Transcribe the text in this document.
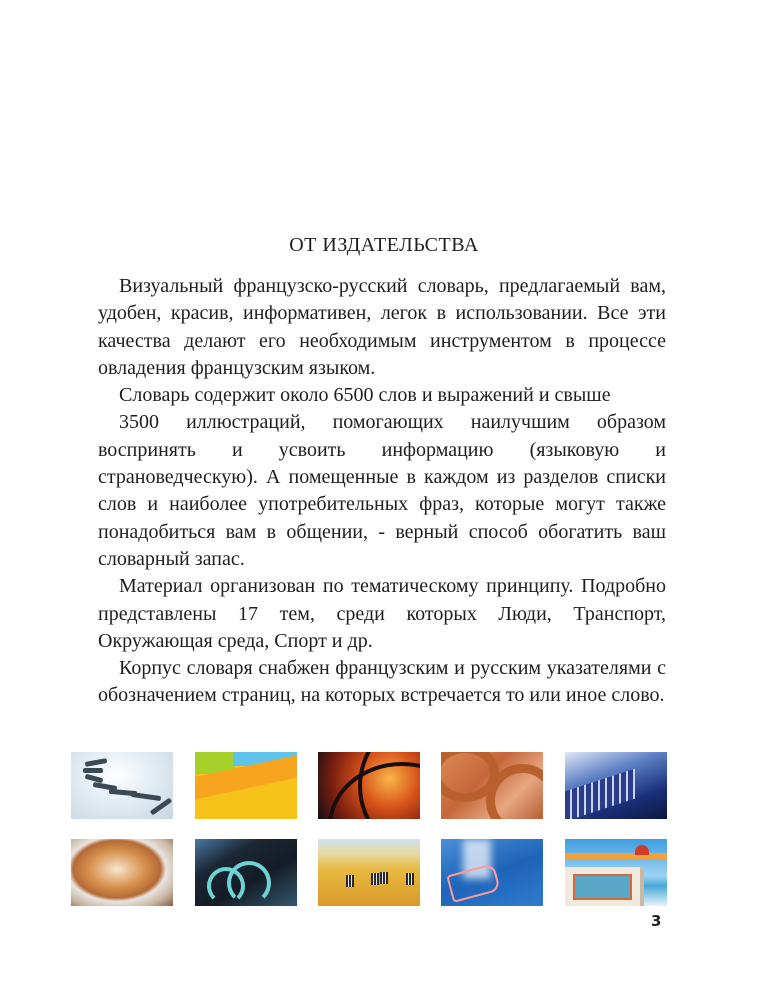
ОТ ИЗДАТЕЛЬСТВА

Визуальный французско-русский словарь, предлагаемый вам, удобен, красив, информативен, легок в использовании. Все эти качества делают его необходимым инструментом в процессе овладения французским языком.

Словарь содержит около 6500 слов и выражений и свыше

3500 иллюстраций, помогающих наилучшим образом воспринять и усвоить информацию (языковую и страноведческую). А помещенные в каждом из разделов списки слов и наиболее употребительных фраз, которые могут также понадобиться вам в общении, - верный способ обогатить ваш словарный запас.

Материал организован по тематическому принципу. Подробно представлены 17 тем, среди которых Люди, Транспорт, Окружающая среда, Спорт и др.

Корпус словаря снабжен французским и русским указателями с обозначением страниц, на которых встречается то или иное слово.

3
